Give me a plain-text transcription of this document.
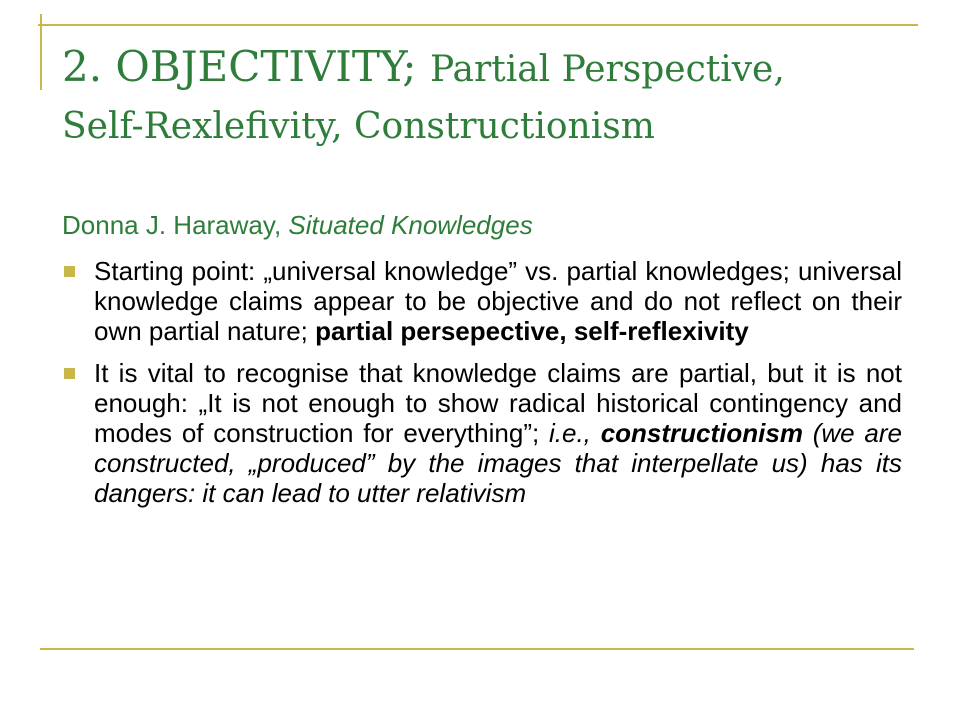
2. OBJECTIVITY; Partial Perspective,
Self-Rexlefivity, Constructionism
Donna J. Haraway, Situated Knowledges
Starting point: „universal knowledge” vs. partial knowledges; universal knowledge claims appear to be objective and do not reflect on their own partial nature; partial persepective, self-reflexivity
It is vital to recognise that knowledge claims are partial, but it is not enough: „It is not enough to show radical historical contingency and modes of construction for everything”; i.e., constructionism (we are constructed, „produced” by the images that interpellate us) has its dangers: it can lead to utter relativism
